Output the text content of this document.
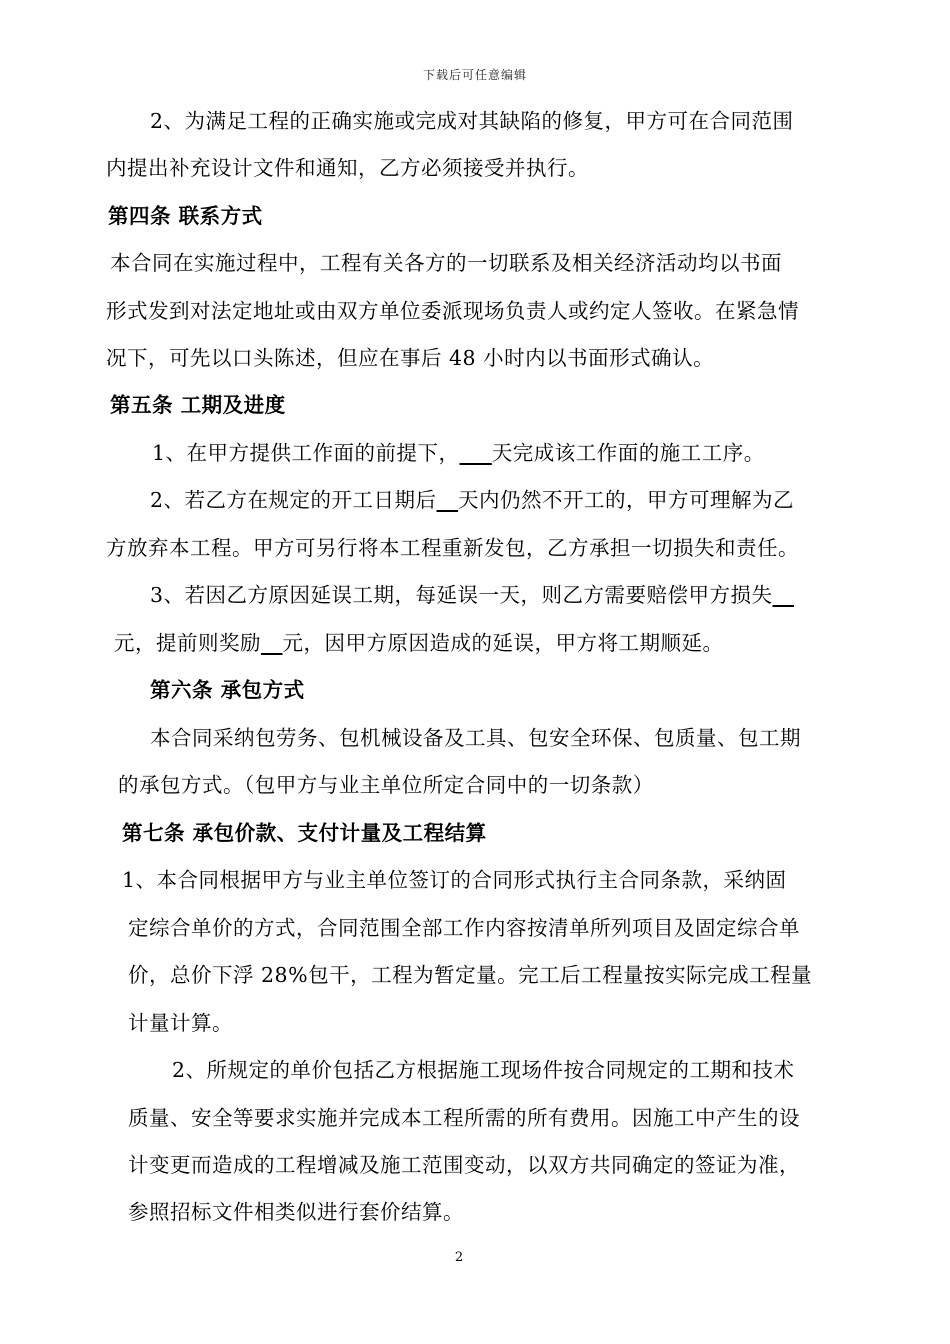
下载后可任意编辑
2、为满足工程的正确实施或完成对其缺陷的修复，甲方可在合同范围
内提出补充设计文件和通知，乙方必须接受并执行。
第四条 联系方式
本合同在实施过程中，工程有关各方的一切联系及相关经济活动均以书面
形式发到对法定地址或由双方单位委派现场负责人或约定人签收。在紧急情
况下，可先以口头陈述，但应在事后 48 小时内以书面形式确认。
第五条 工期及进度
1、在甲方提供工作面的前提下，___天完成该工作面的施工工序。
2、若乙方在规定的开工日期后__天内仍然不开工的，甲方可理解为乙
方放弃本工程。甲方可另行将本工程重新发包，乙方承担一切损失和责任。
3、若因乙方原因延误工期，每延误一天，则乙方需要赔偿甲方损失__
元，提前则奖励__元，因甲方原因造成的延误，甲方将工期顺延。
第六条 承包方式
本合同采纳包劳务、包机械设备及工具、包安全环保、包质量、包工期
的承包方式。（包甲方与业主单位所定合同中的一切条款）
第七条 承包价款、支付计量及工程结算
1、本合同根据甲方与业主单位签订的合同形式执行主合同条款，采纳固
定综合单价的方式，合同范围全部工作内容按清单所列项目及固定综合单
价，总价下浮 28%包干，工程为暂定量。完工后工程量按实际完成工程量
计量计算。
2、所规定的单价包括乙方根据施工现场件按合同规定的工期和技术
质量、安全等要求实施并完成本工程所需的所有费用。因施工中产生的设
计变更而造成的工程增减及施工范围变动，以双方共同确定的签证为准，
参照招标文件相类似进行套价结算。
2
